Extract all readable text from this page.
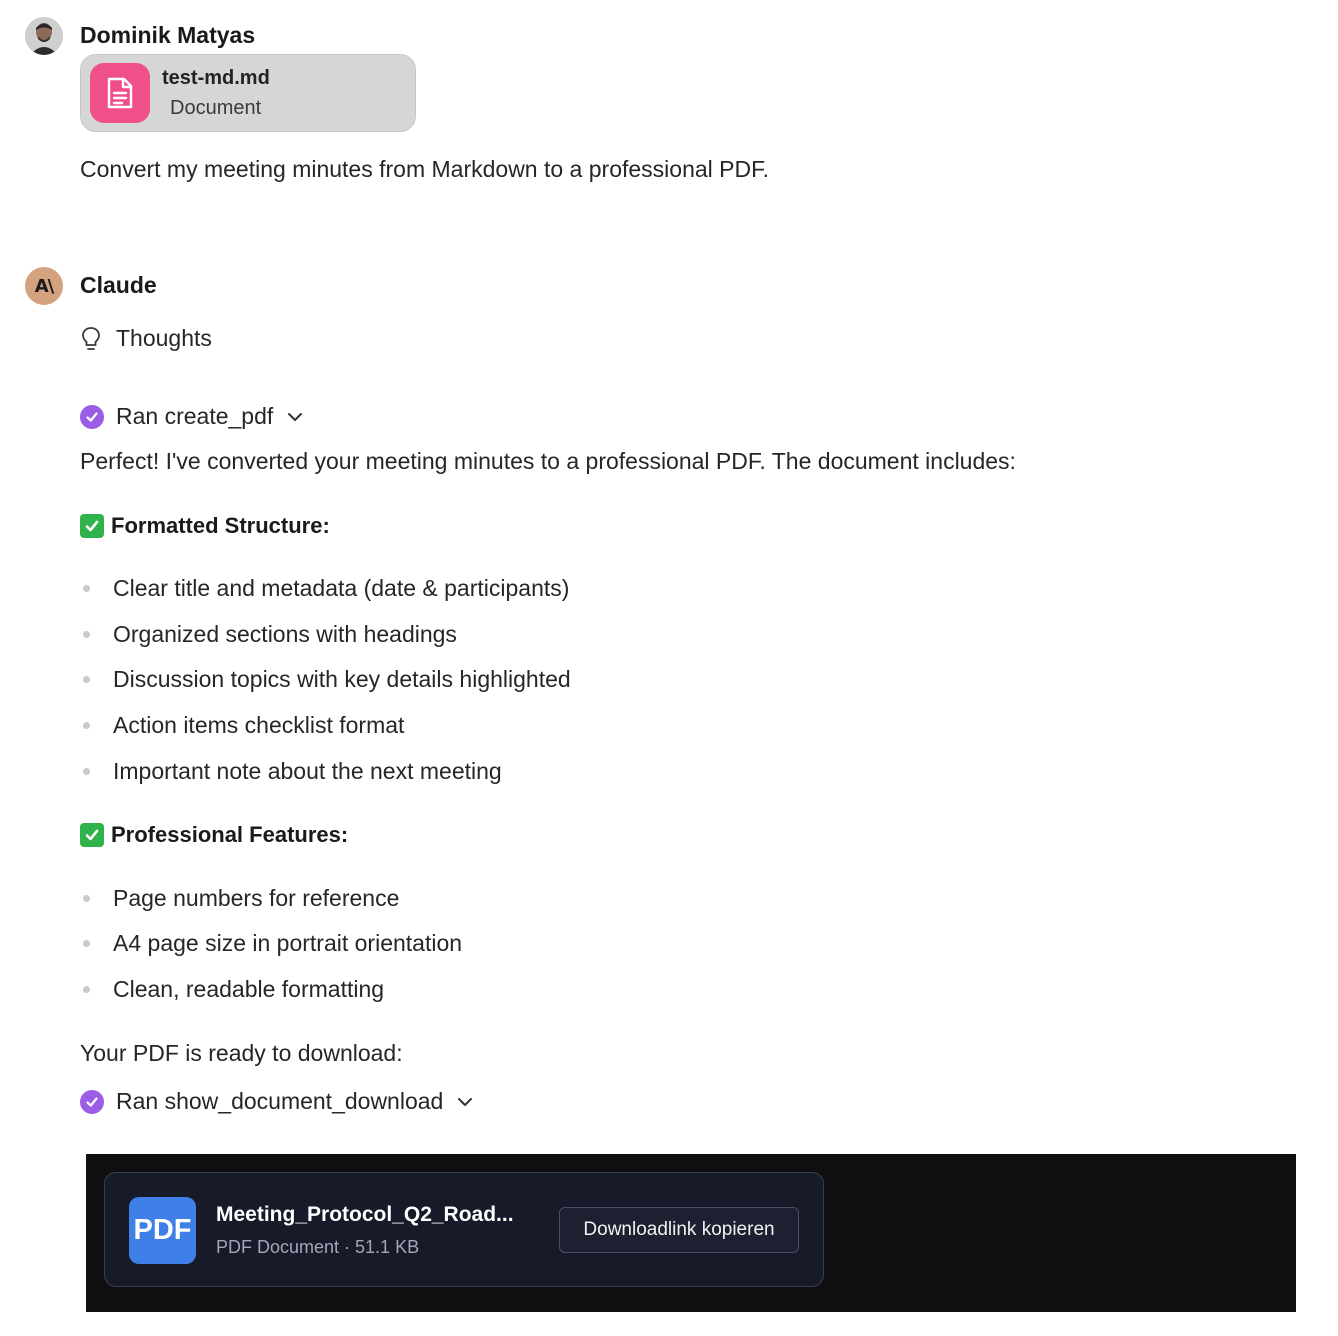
Dominik Matyas
test-md.md
Document
Convert my meeting minutes from Markdown to a professional PDF.
A\ Claude
Thoughts
Ran create_pdf
Perfect! I've converted your meeting minutes to a professional PDF. The document includes:
Formatted Structure:
Clear title and metadata (date & participants)
Organized sections with headings
Discussion topics with key details highlighted
Action items checklist format
Important note about the next meeting
Professional Features:
Page numbers for reference
A4 page size in portrait orientation
Clean, readable formatting
Your PDF is ready to download:
Ran show_document_download
PDF Meeting_Protocol_Q2_Road...
PDF Document · 51.1 KB
Downloadlink kopieren
